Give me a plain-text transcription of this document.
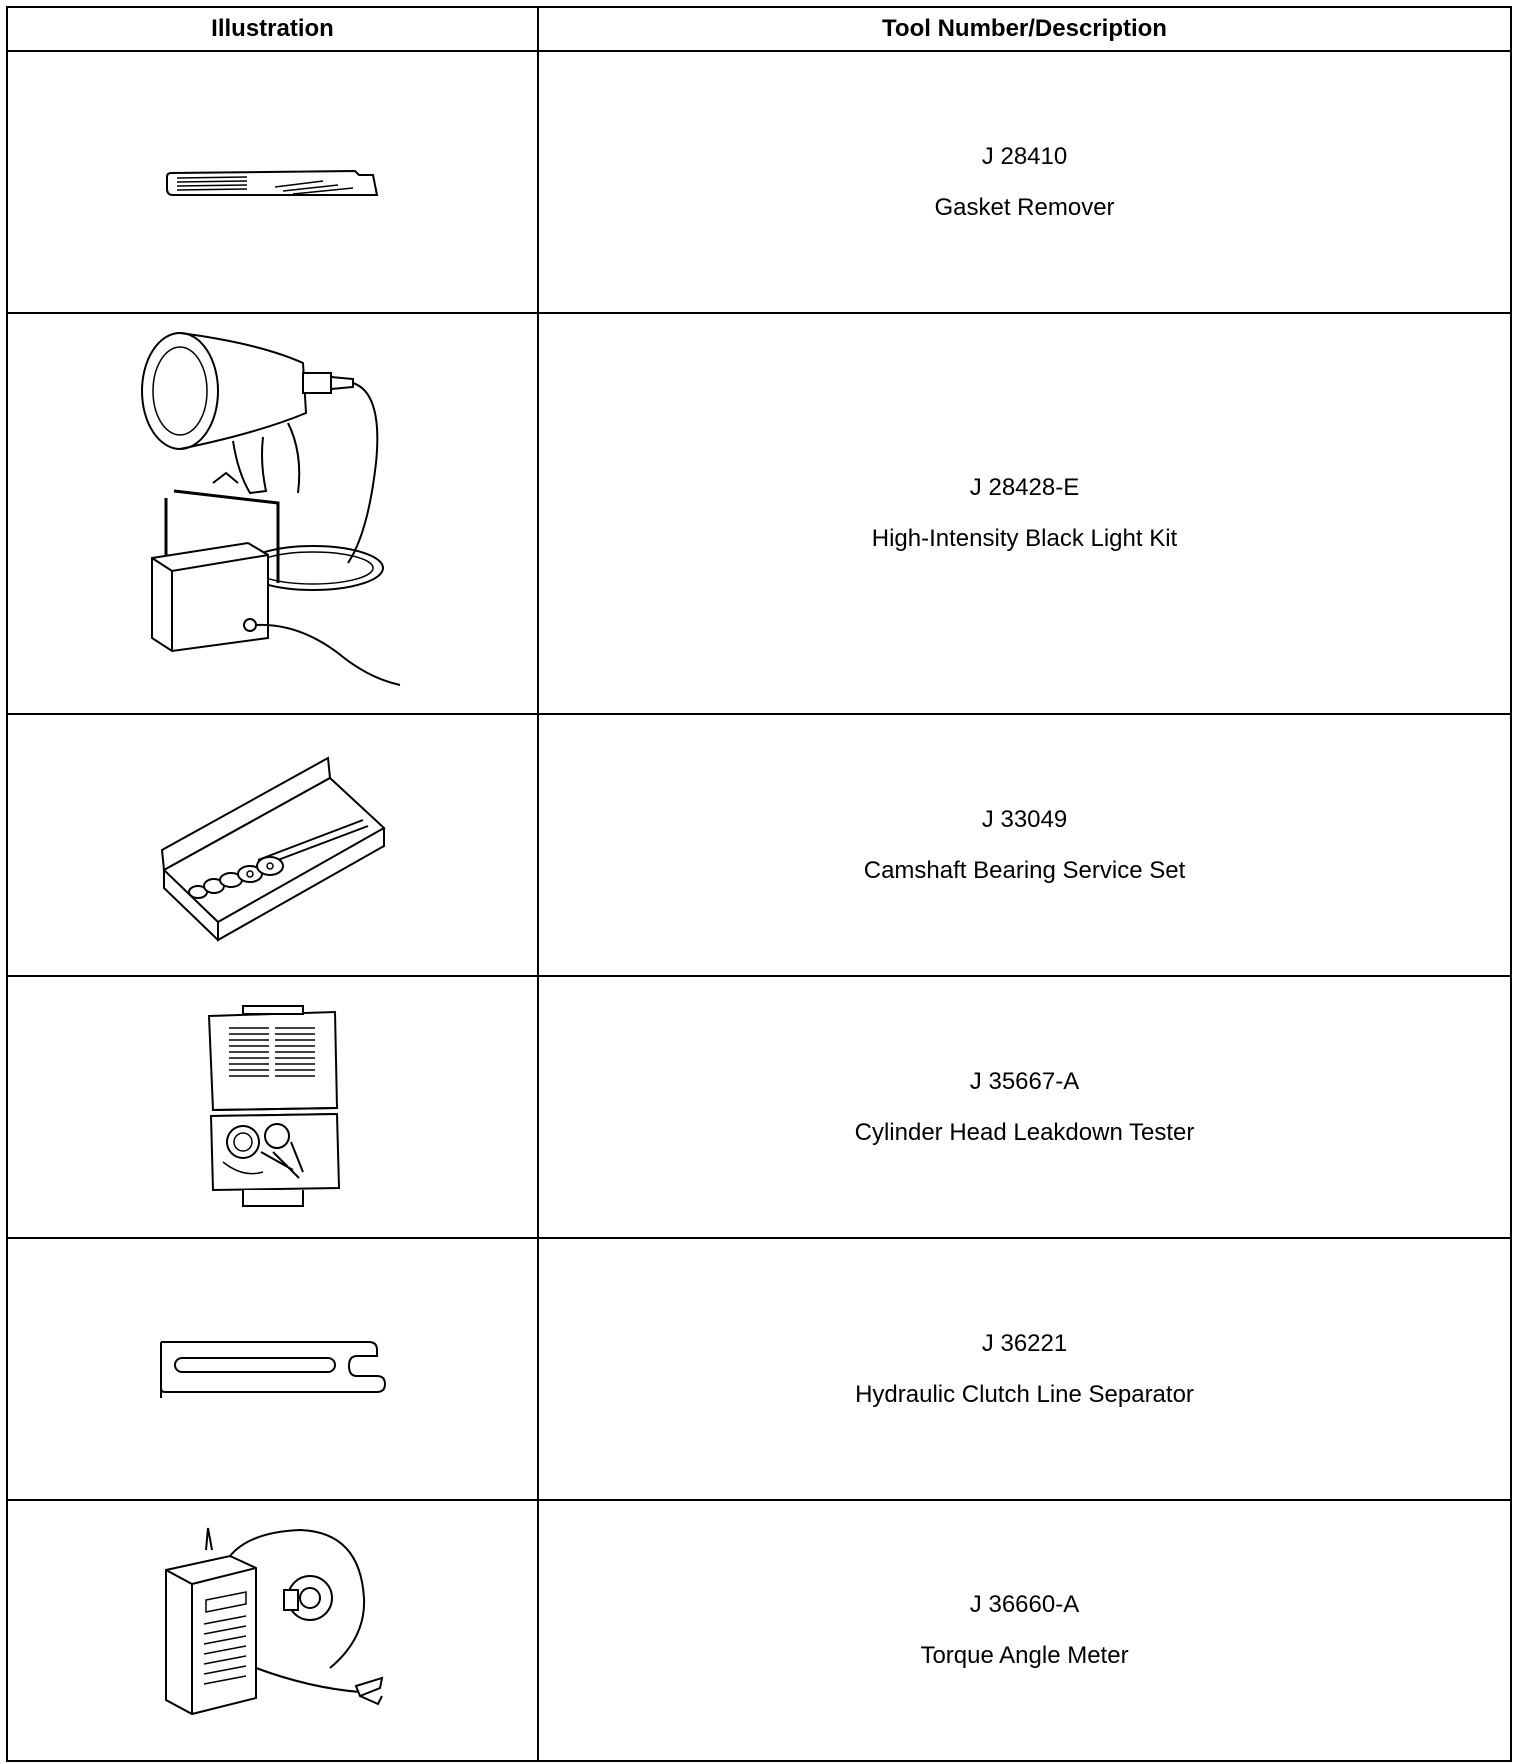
Illustration	Tool Number/Description

J 28410
Gasket Remover

J 28428-E
High-Intensity Black Light Kit

J 33049
Camshaft Bearing Service Set

J 35667-A
Cylinder Head Leakdown Tester

J 36221
Hydraulic Clutch Line Separator

J 36660-A
Torque Angle Meter
